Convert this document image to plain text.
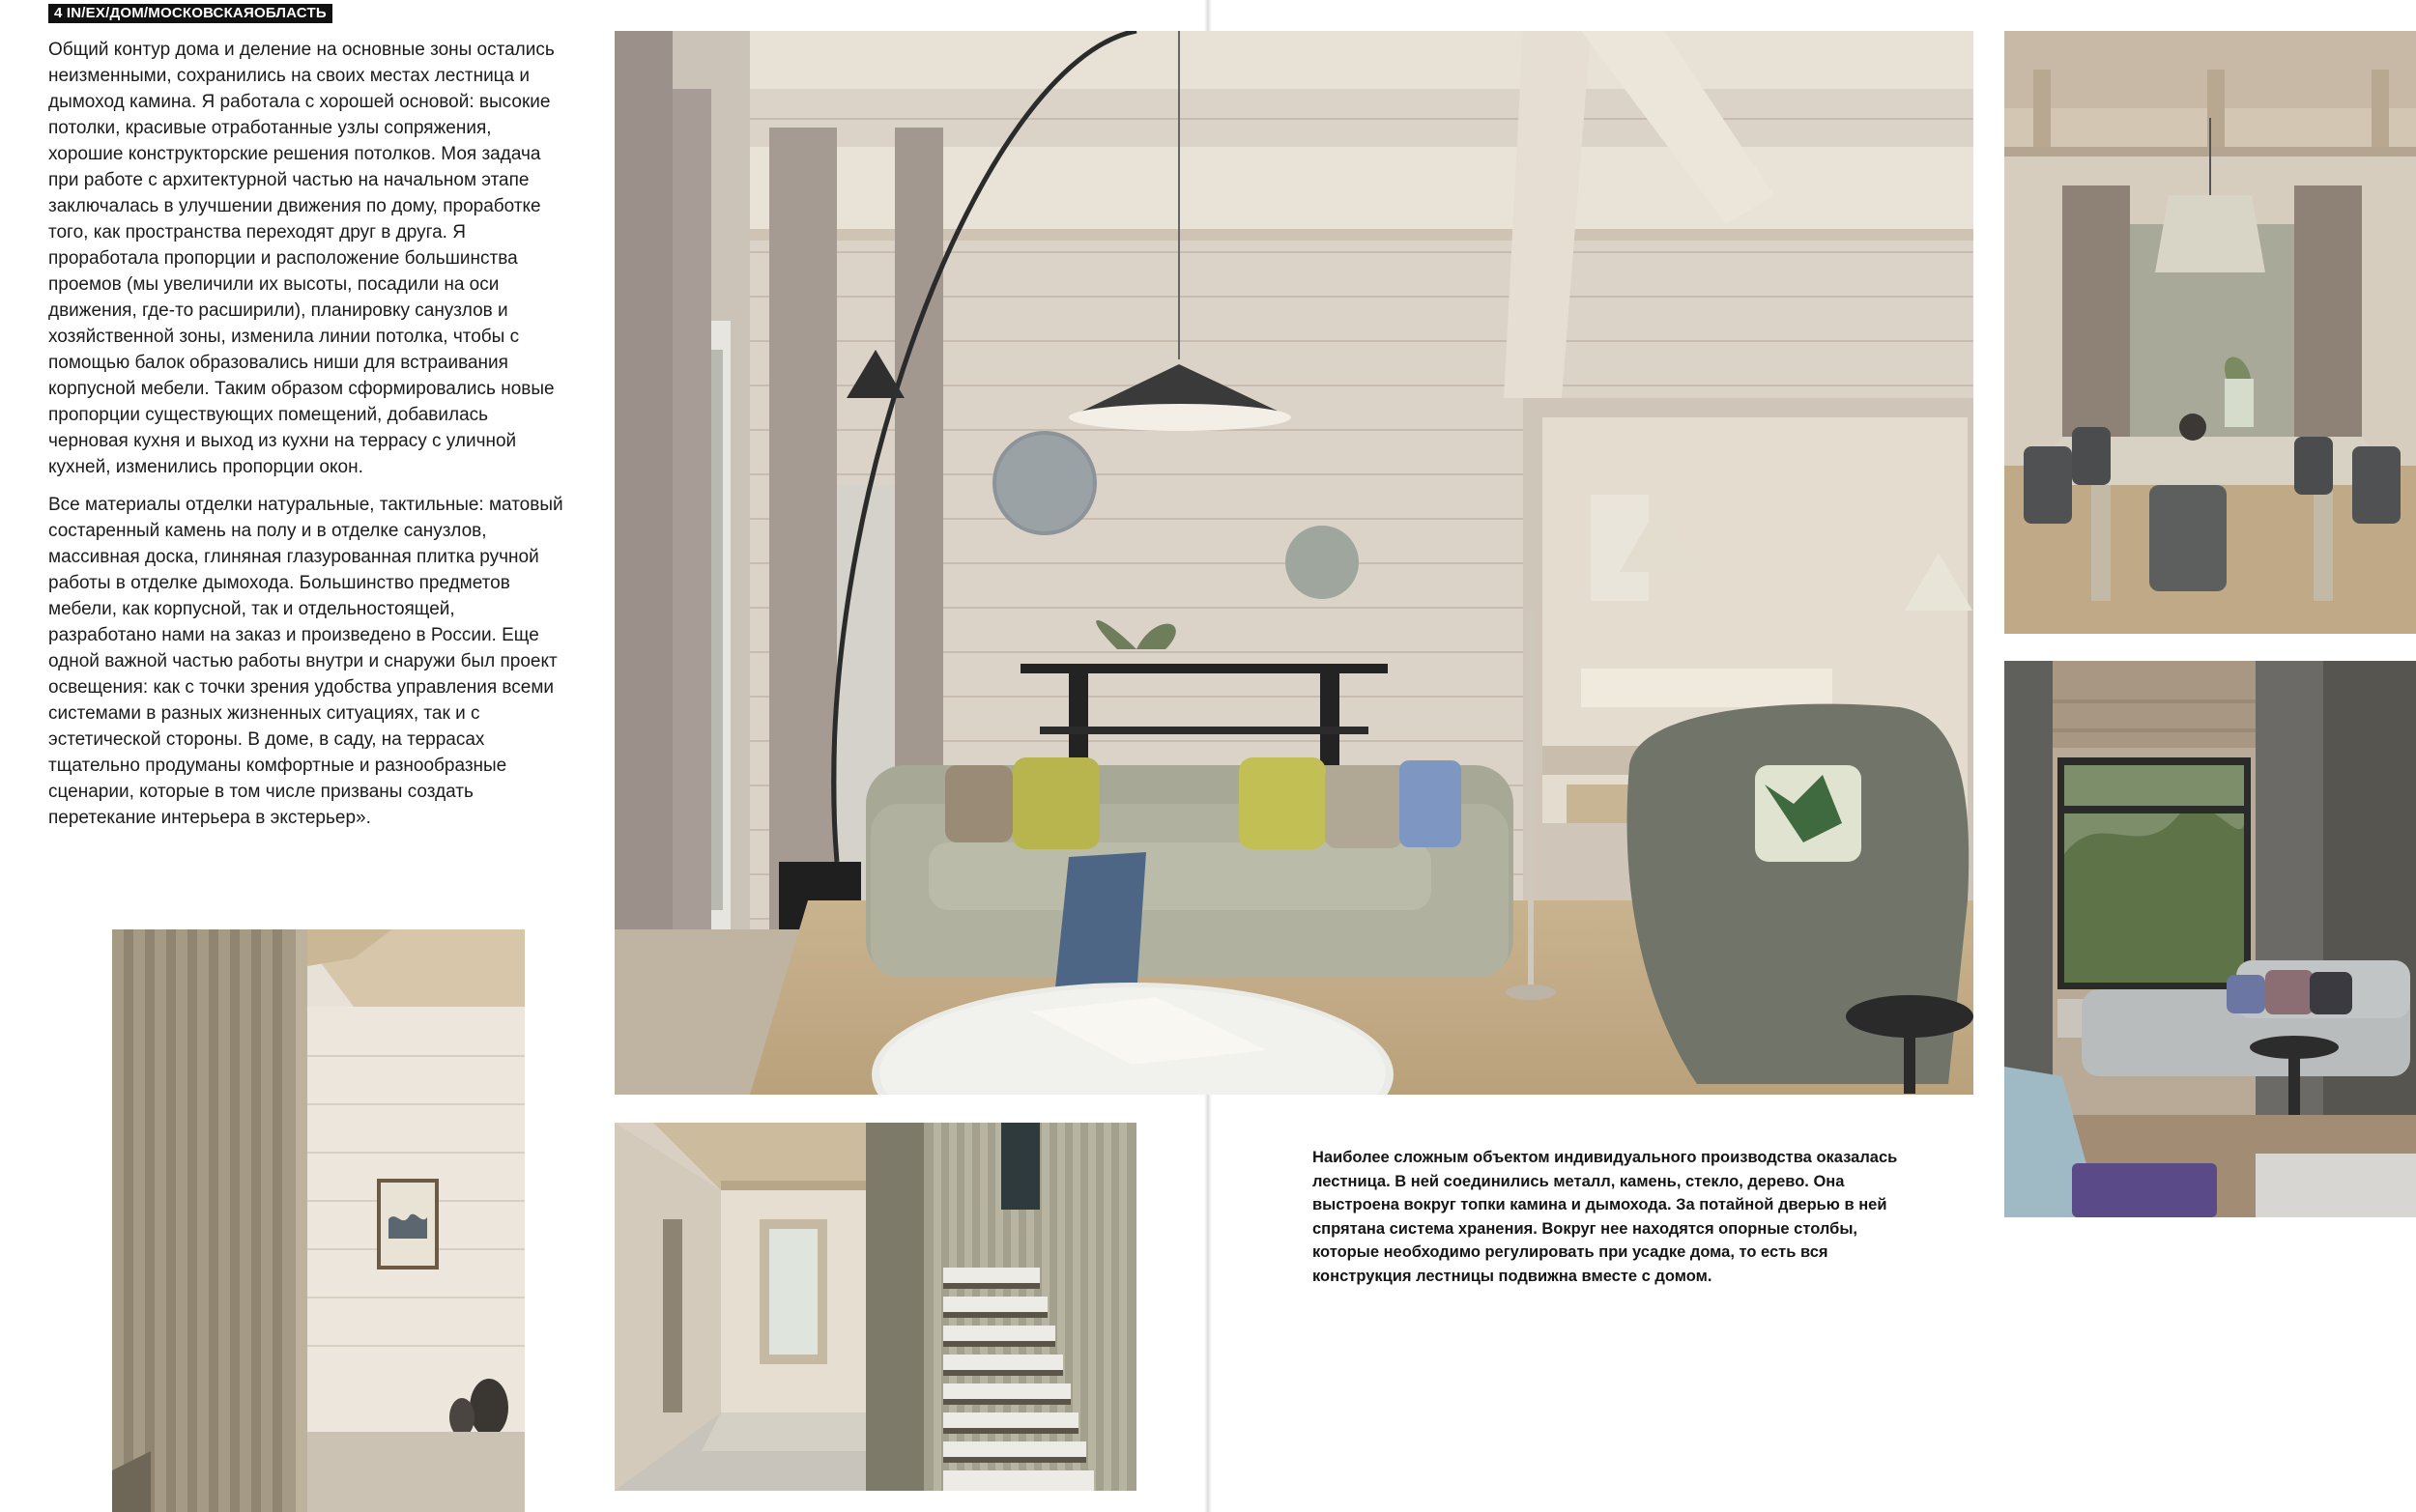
4 IN/EX/ДОМ/МОСКОВСКАЯОБЛАСТЬ

Общий контур дома и деление на основные зоны остались неизменными, сохранились на своих местах лестница и дымоход камина. Я работала с хорошей основой: высокие потолки, красивые отработанные узлы сопряжения, хорошие конструкторские решения потолков. Моя задача при работе с архитектурной частью на начальном этапе заключалась в улучшении движения по дому, проработке того, как пространства переходят друг в друга. Я проработала пропорции и расположение большинства проемов (мы увеличили их высоты, посадили на оси движения, где-то расширили), планировку санузлов и хозяйственной зоны, изменила линии потолка, чтобы с помощью балок образовались ниши для встраивания корпусной мебели. Таким образом сформировались новые пропорции существующих помещений, добавилась черновая кухня и выход из кухни на террасу с уличной кухней, изменились пропорции окон.

Все материалы отделки натуральные, тактильные: матовый состаренный камень на полу и в отделке санузлов, массивная доска, глиняная глазурованная плитка ручной работы в отделке дымохода. Большинство предметов мебели, как корпусной, так и отдельностоящей, разработано нами на заказ и произведено в России. Еще одной важной частью работы внутри и снаружи был проект освещения: как с точки зрения удобства управления всеми системами в разных жизненных ситуациях, так и с эстетической стороны. В доме, в саду, на террасах тщательно продуманы комфортные и разнообразные сценарии, которые в том числе призваны создать перетекание интерьера в экстерьер».

Наиболее сложным объектом индивидуального производства оказалась лестница. В ней соединились металл, камень, стекло, дерево. Она выстроена вокруг топки камина и дымохода. За потайной дверью в ней спрятана система хранения. Вокруг нее находятся опорные столбы, которые необходимо регулировать при усадке дома, то есть вся конструкция лестницы подвижна вместе с домом.
